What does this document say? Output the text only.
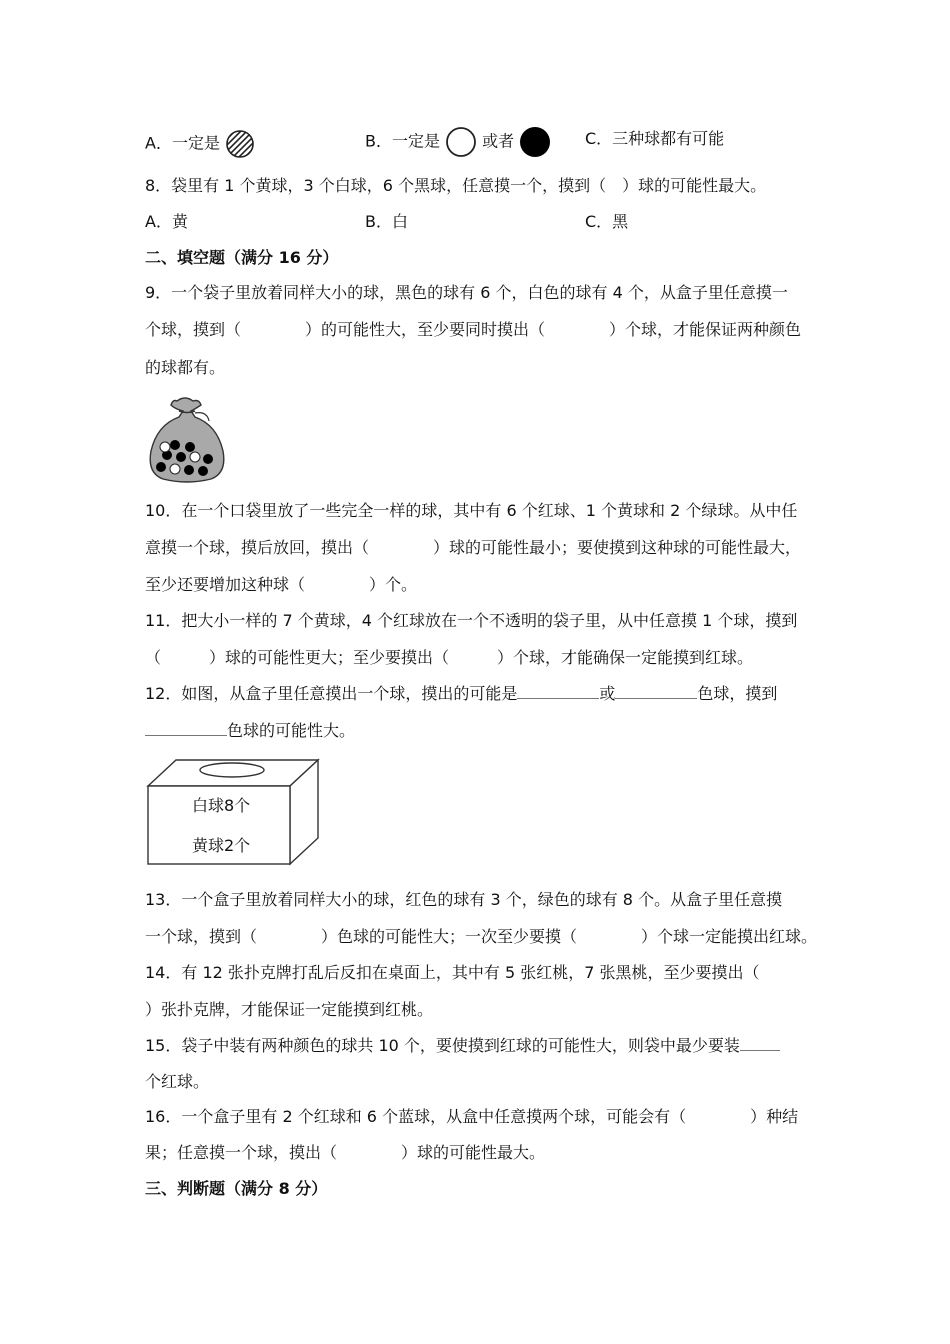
A．一定是	B．一定是	或者	C．三种球都有可能
8．袋里有 1 个黄球，3 个白球，6 个黑球，任意摸一个，摸到（　）球的可能性最大。
A．黄	B．白	C．黑
二、填空题（满分 16 分）
9．一个袋子里放着同样大小的球，黑色的球有 6 个，白色的球有 4 个，从盒子里任意摸一
个球，摸到（　　　　）的可能性大，至少要同时摸出（　　　　）个球，才能保证两种颜色
的球都有。
10．在一个口袋里放了一些完全一样的球，其中有 6 个红球、1 个黄球和 2 个绿球。从中任
意摸一个球，摸后放回，摸出（　　　　）球的可能性最小；要使摸到这种球的可能性最大，
至少还要增加这种球（　　　　）个。
11．把大小一样的 7 个黄球，4 个红球放在一个不透明的袋子里，从中任意摸 1 个球，摸到
（　　　）球的可能性更大；至少要摸出（　　　）个球，才能确保一定能摸到红球。
12．如图，从盒子里任意摸出一个球，摸出的可能是	或	色球，摸到
色球的可能性大。
白球8个
黄球2个
13．一个盒子里放着同样大小的球，红色的球有 3 个，绿色的球有 8 个。从盒子里任意摸
一个球，摸到（　　　　）色球的可能性大；一次至少要摸（　　　　）个球一定能摸出红球。
14．有 12 张扑克牌打乱后反扣在桌面上，其中有 5 张红桃，7 张黑桃，至少要摸出（
）张扑克牌，才能保证一定能摸到红桃。
15．袋子中装有两种颜色的球共 10 个，要使摸到红球的可能性大，则袋中最少要装
个红球。
16．一个盒子里有 2 个红球和 6 个蓝球，从盒中任意摸两个球，可能会有（　　　　）种结
果；任意摸一个球，摸出（　　　　）球的可能性最大。
三、判断题（满分 8 分）
